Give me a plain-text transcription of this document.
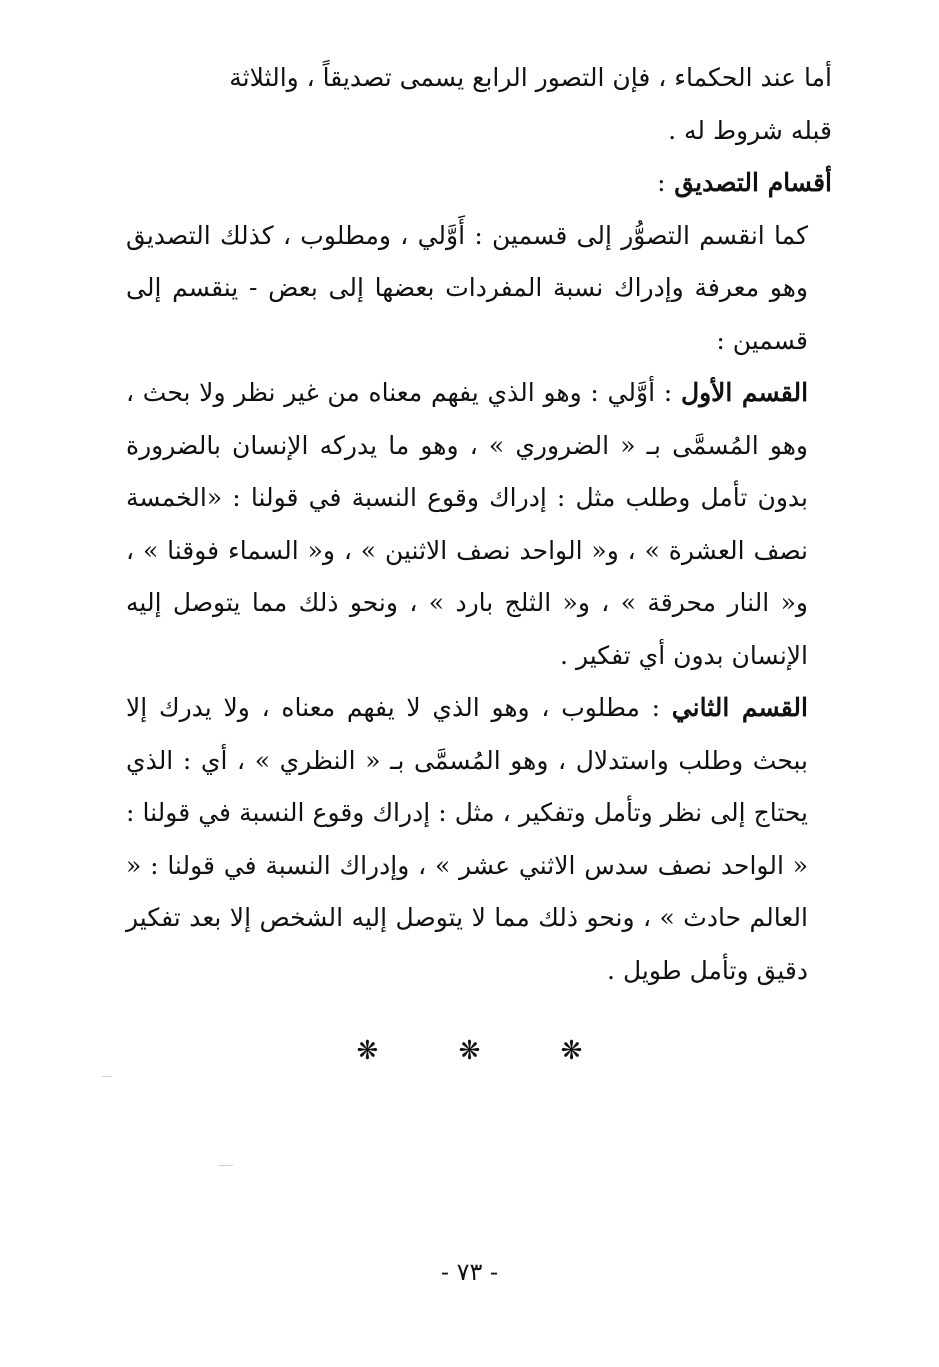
أما عند الحكماء ، فإن التصور الرابع يسمى تصديقاً ، والثلاثة
قبله شروط له .

أقسام التصديق :

كما انقسم التصوُّر إلى قسمين : أَوَّلي ، ومطلوب ، كذلك التصديق وهو معرفة وإدراك نسبة المفردات بعضها إلى بعض - ينقسم إلى قسمين :

القسم الأول : أوَّلي : وهو الذي يفهم معناه من غير نظر ولا بحث ، وهو المُسمَّى بـ « الضروري » ، وهو ما يدركه الإنسان بالضرورة بدون تأمل وطلب مثل : إدراك وقوع النسبة في قولنا : «الخمسة نصف العشرة » ، و« الواحد نصف الاثنين » ، و« السماء فوقنا » ، و« النار محرقة » ، و« الثلج بارد » ، ونحو ذلك مما يتوصل إليه الإنسان بدون أي تفكير .

القسم الثاني : مطلوب ، وهو الذي لا يفهم معناه ، ولا يدرك إلا ببحث وطلب واستدلال ، وهو المُسمَّى بـ « النظري » ، أي : الذي يحتاج إلى نظر وتأمل وتفكير ، مثل : إدراك وقوع النسبة في قولنا : « الواحد نصف سدس الاثني عشر » ، وإدراك النسبة في قولنا : « العالم حادث » ، ونحو ذلك مما لا يتوصل إليه الشخص إلا بعد تفكير دقيق وتأمل طويل .

❋ ❋ ❋
- ٧٣ -
